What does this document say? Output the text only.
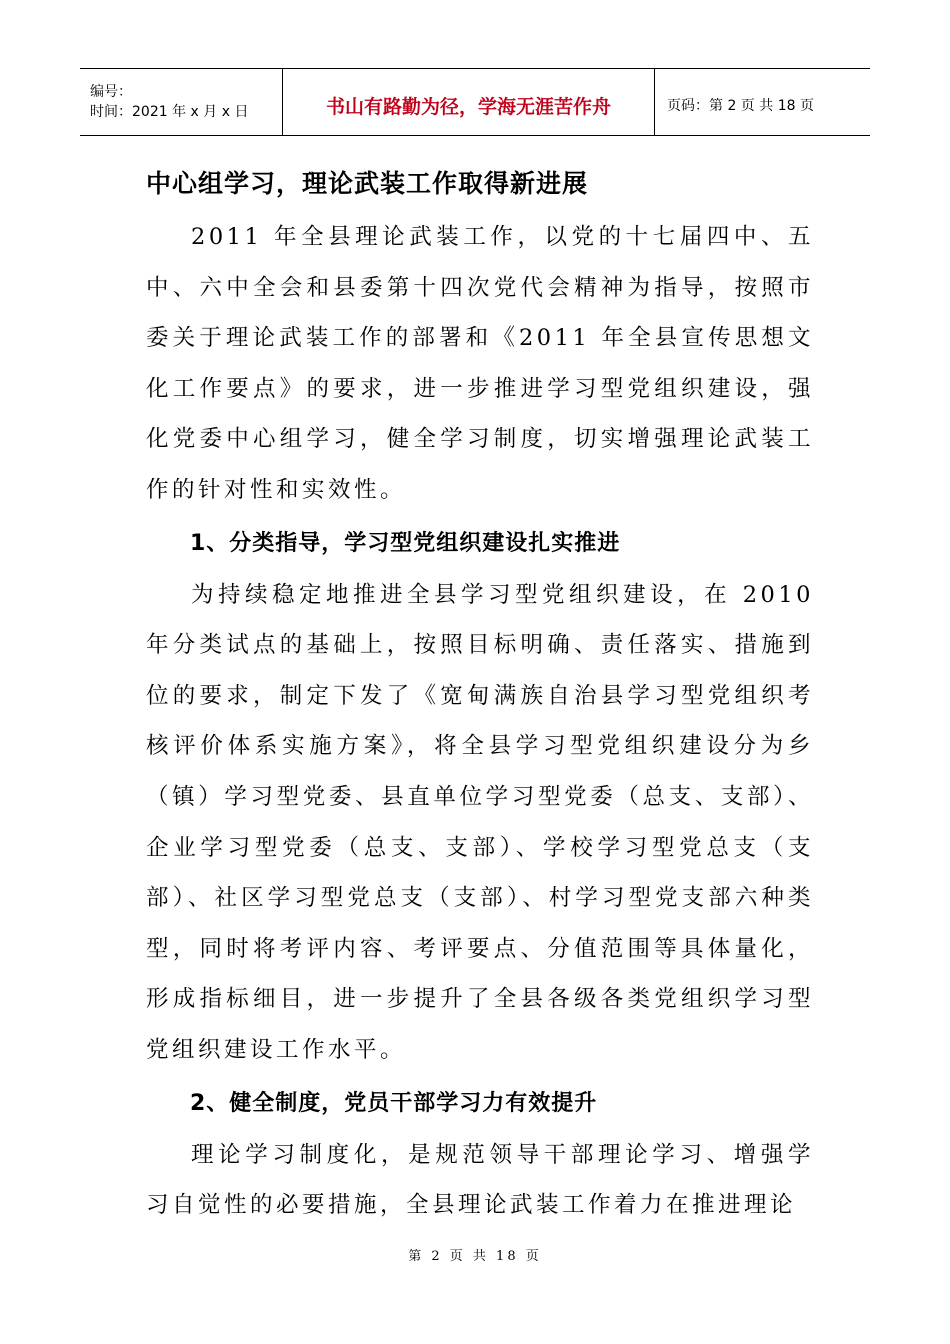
编号：
时间：2021 年 x 月 x 日	书山有路勤为径，学海无涯苦作舟	页码：第 2 页 共 18 页
中心组学习，理论武装工作取得新进展

2011 年全县理论武装工作，以党的十七届四中、五中、六中全会和县委第十四次党代会精神为指导，按照市委关于理论武装工作的部署和《2011 年全县宣传思想文化工作要点》的要求，进一步推进学习型党组织建设，强化党委中心组学习，健全学习制度，切实增强理论武装工作的针对性和实效性。

1、分类指导，学习型党组织建设扎实推进

为持续稳定地推进全县学习型党组织建设，在 2010 年分类试点的基础上，按照目标明确、责任落实、措施到位的要求，制定下发了《宽甸满族自治县学习型党组织考核评价体系实施方案》，将全县学习型党组织建设分为乡（镇）学习型党委、县直单位学习型党委（总支、支部）、企业学习型党委（总支、支部）、学校学习型党总支（支部）、社区学习型党总支（支部）、村学习型党支部六种类型，同时将考评内容、考评要点、分值范围等具体量化，形成指标细目，进一步提升了全县各级各类党组织学习型党组织建设工作水平。

2、健全制度，党员干部学习力有效提升

理论学习制度化，是规范领导干部理论学习、增强学习自觉性的必要措施，全县理论武装工作着力在推进理论

第 2 页 共 18 页
